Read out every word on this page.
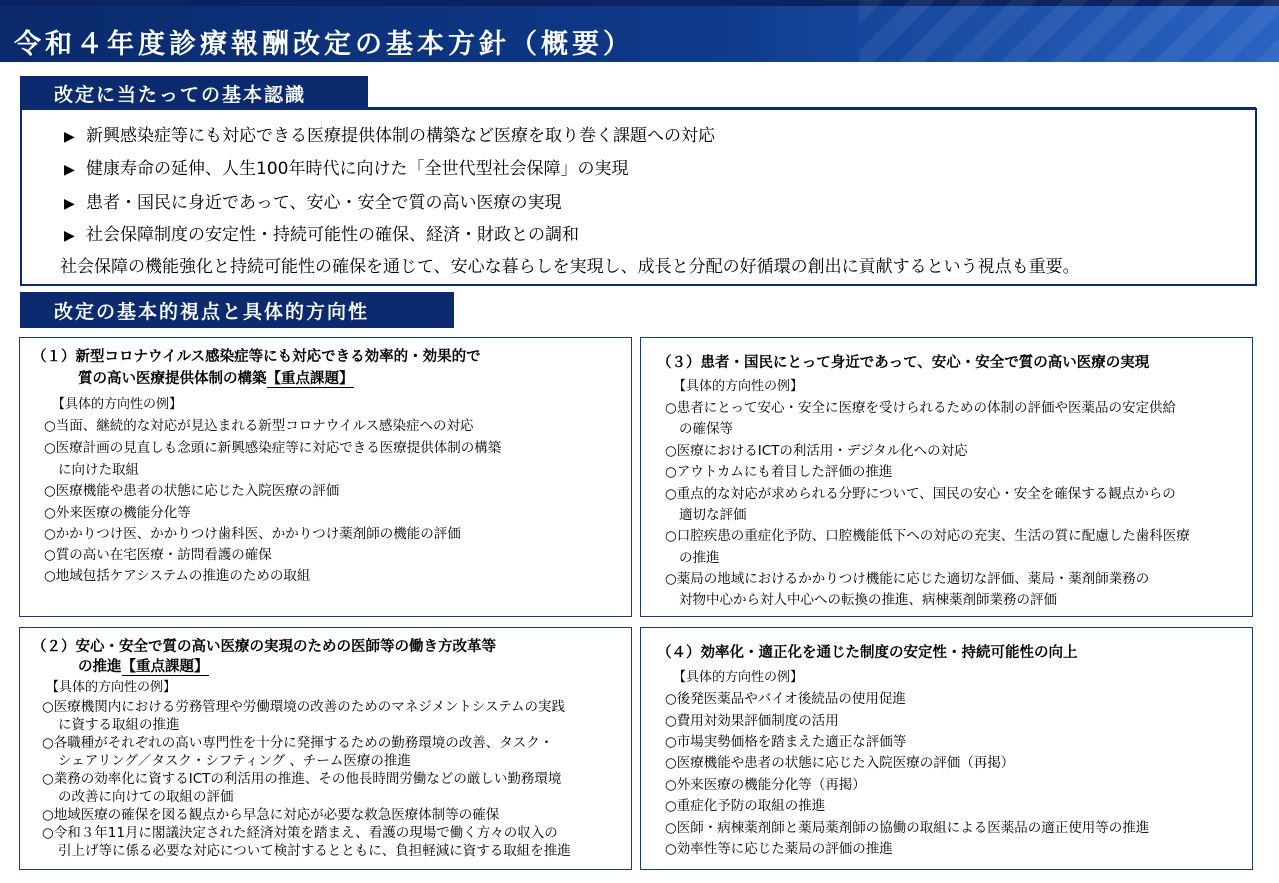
令和４年度診療報酬改定の基本方針（概要）
改定に当たっての基本認識
▶ 新興感染症等にも対応できる医療提供体制の構築など医療を取り巻く課題への対応
▶ 健康寿命の延伸、人生100年時代に向けた「全世代型社会保障」の実現
▶ 患者・国民に身近であって、安心・安全で質の高い医療の実現
▶ 社会保障制度の安定性・持続可能性の確保、経済・財政との調和
社会保障の機能強化と持続可能性の確保を通じて、安心な暮らしを実現し、成長と分配の好循環の創出に貢献するという視点も重要。
改定の基本的視点と具体的方向性
（１）新型コロナウイルス感染症等にも対応できる効率的・効果的で
質の高い医療提供体制の構築【重点課題】
【具体的方向性の例】
○当面、継続的な対応が見込まれる新型コロナウイルス感染症への対応
○医療計画の見直しも念頭に新興感染症等に対応できる医療提供体制の構築
に向けた取組
○医療機能や患者の状態に応じた入院医療の評価
○外来医療の機能分化等
○かかりつけ医、かかりつけ歯科医、かかりつけ薬剤師の機能の評価
○質の高い在宅医療・訪問看護の確保
○地域包括ケアシステムの推進のための取組
（２）安心・安全で質の高い医療の実現のための医師等の働き方改革等
の推進【重点課題】
【具体的方向性の例】
○医療機関内における労務管理や労働環境の改善のためのマネジメントシステムの実践
に資する取組の推進
○各職種がそれぞれの高い専門性を十分に発揮するための勤務環境の改善、タスク・
シェアリング／タスク・シフティング 、チーム医療の推進
○業務の効率化に資するICTの利活用の推進、その他長時間労働などの厳しい勤務環境
の改善に向けての取組の評価
○地域医療の確保を図る観点から早急に対応が必要な救急医療体制等の確保
○令和３年11月に閣議決定された経済対策を踏まえ、看護の現場で働く方々の収入の
引上げ等に係る必要な対応について検討するとともに、負担軽減に資する取組を推進
（３）患者・国民にとって身近であって、安心・安全で質の高い医療の実現
【具体的方向性の例】
○患者にとって安心・安全に医療を受けられるための体制の評価や医薬品の安定供給
の確保等
○医療におけるICTの利活用・デジタル化への対応
○アウトカムにも着目した評価の推進
○重点的な対応が求められる分野について、国民の安心・安全を確保する観点からの
適切な評価
○口腔疾患の重症化予防、口腔機能低下への対応の充実、生活の質に配慮した歯科医療
の推進
○薬局の地域におけるかかりつけ機能に応じた適切な評価、薬局・薬剤師業務の
対物中心から対人中心への転換の推進、病棟薬剤師業務の評価
（４）効率化・適正化を通じた制度の安定性・持続可能性の向上
【具体的方向性の例】
○後発医薬品やバイオ後続品の使用促進
○費用対効果評価制度の活用
○市場実勢価格を踏まえた適正な評価等
○医療機能や患者の状態に応じた入院医療の評価（再掲）
○外来医療の機能分化等（再掲）
○重症化予防の取組の推進
○医師・病棟薬剤師と薬局薬剤師の協働の取組による医薬品の適正使用等の推進
○効率性等に応じた薬局の評価の推進
